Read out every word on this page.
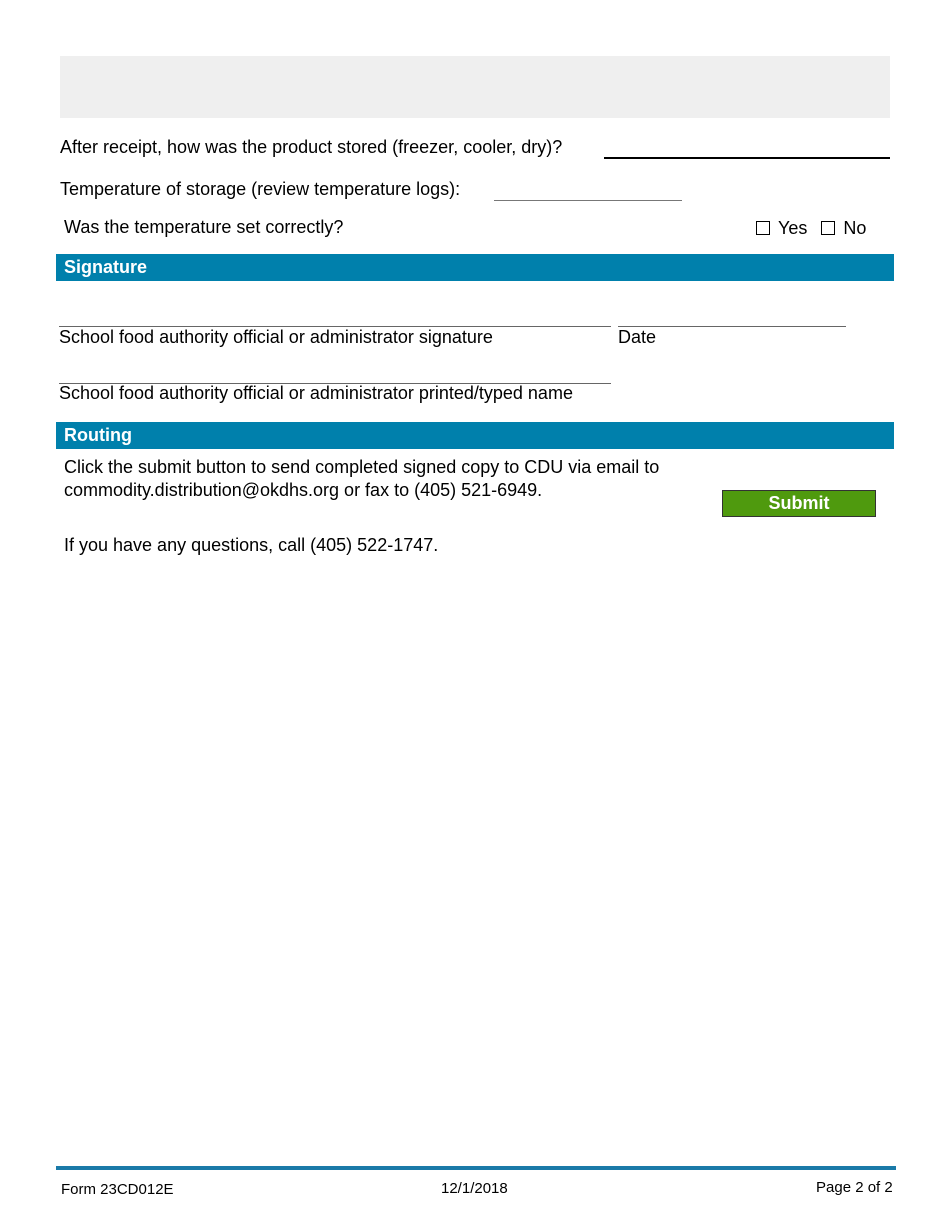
After receipt, how was the product stored (freezer, cooler, dry)?
Temperature of storage (review temperature logs):
Was the temperature set correctly?	Yes No
Signature
School food authority official or administrator signature	Date
School food authority official or administrator printed/typed name
Routing
Click the submit button to send completed signed copy to CDU via email to commodity.distribution@okdhs.org or fax to (405) 521-6949.
Submit
If you have any questions, call (405) 522-1747.
Form 23CD012E	12/1/2018	Page 2 of 2
